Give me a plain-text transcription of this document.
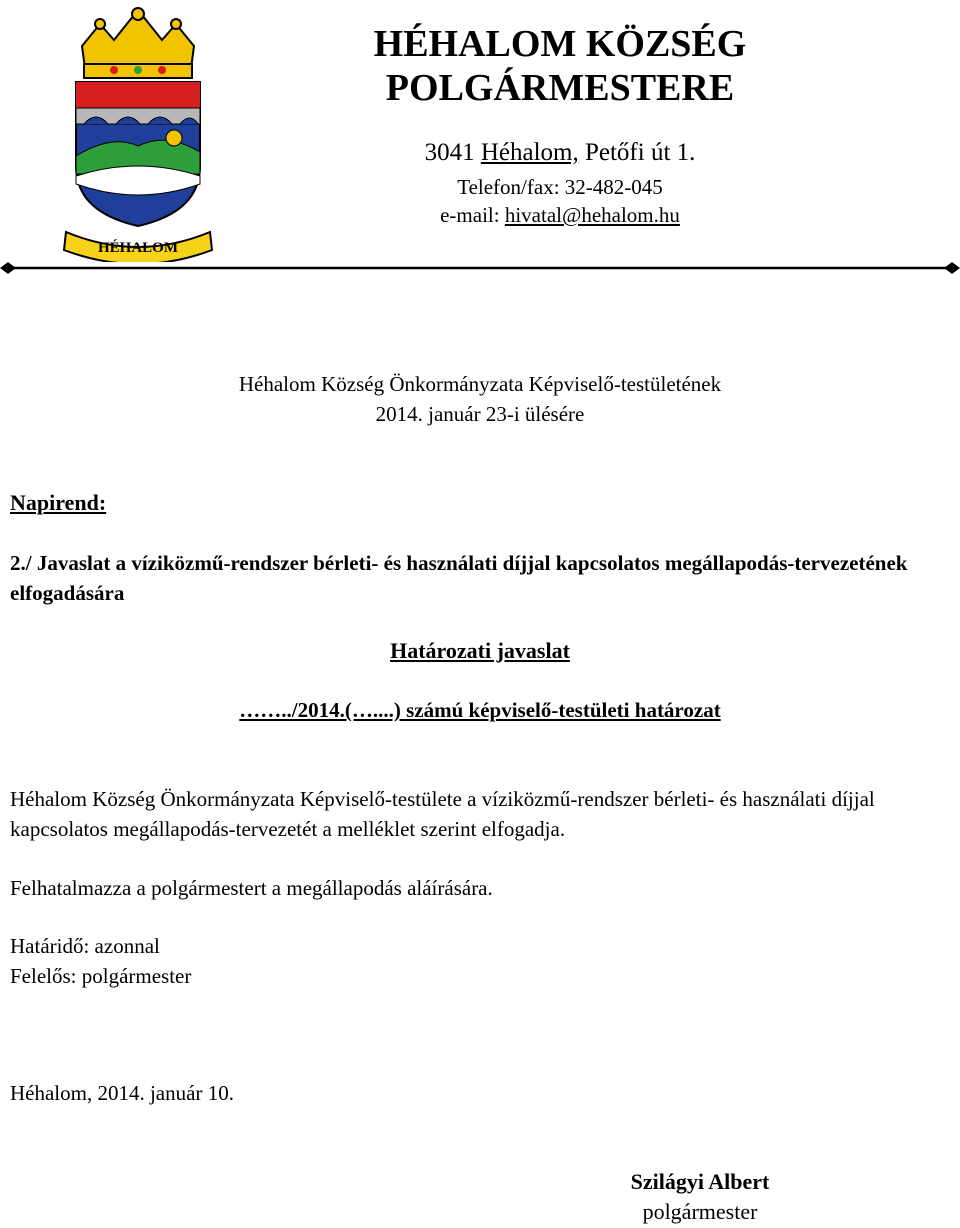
HÉHALOM
HÉHALOM KÖZSÉG
POLGÁRMESTERE
3041 Héhalom, Petőfi út 1.
Telefon/fax: 32-482-045
e-mail: hivatal@hehalom.hu
Héhalom Község Önkormányzata Képviselő-testületének
2014. január 23-i ülésére
Napirend:
2./ Javaslat a víziközmű-rendszer bérleti- és használati díjjal kapcsolatos megállapodás-tervezetének elfogadására
Határozati javaslat
……../2014.(…....) számú képviselő-testületi határozat
Héhalom Község Önkormányzata Képviselő-testülete a víziközmű-rendszer bérleti- és használati díjjal kapcsolatos megállapodás-tervezetét a melléklet szerint elfogadja.
Felhatalmazza a polgármestert a megállapodás aláírására.
Határidő: azonnal
Felelős: polgármester
Héhalom, 2014. január 10.
Szilágyi Albert
polgármester
